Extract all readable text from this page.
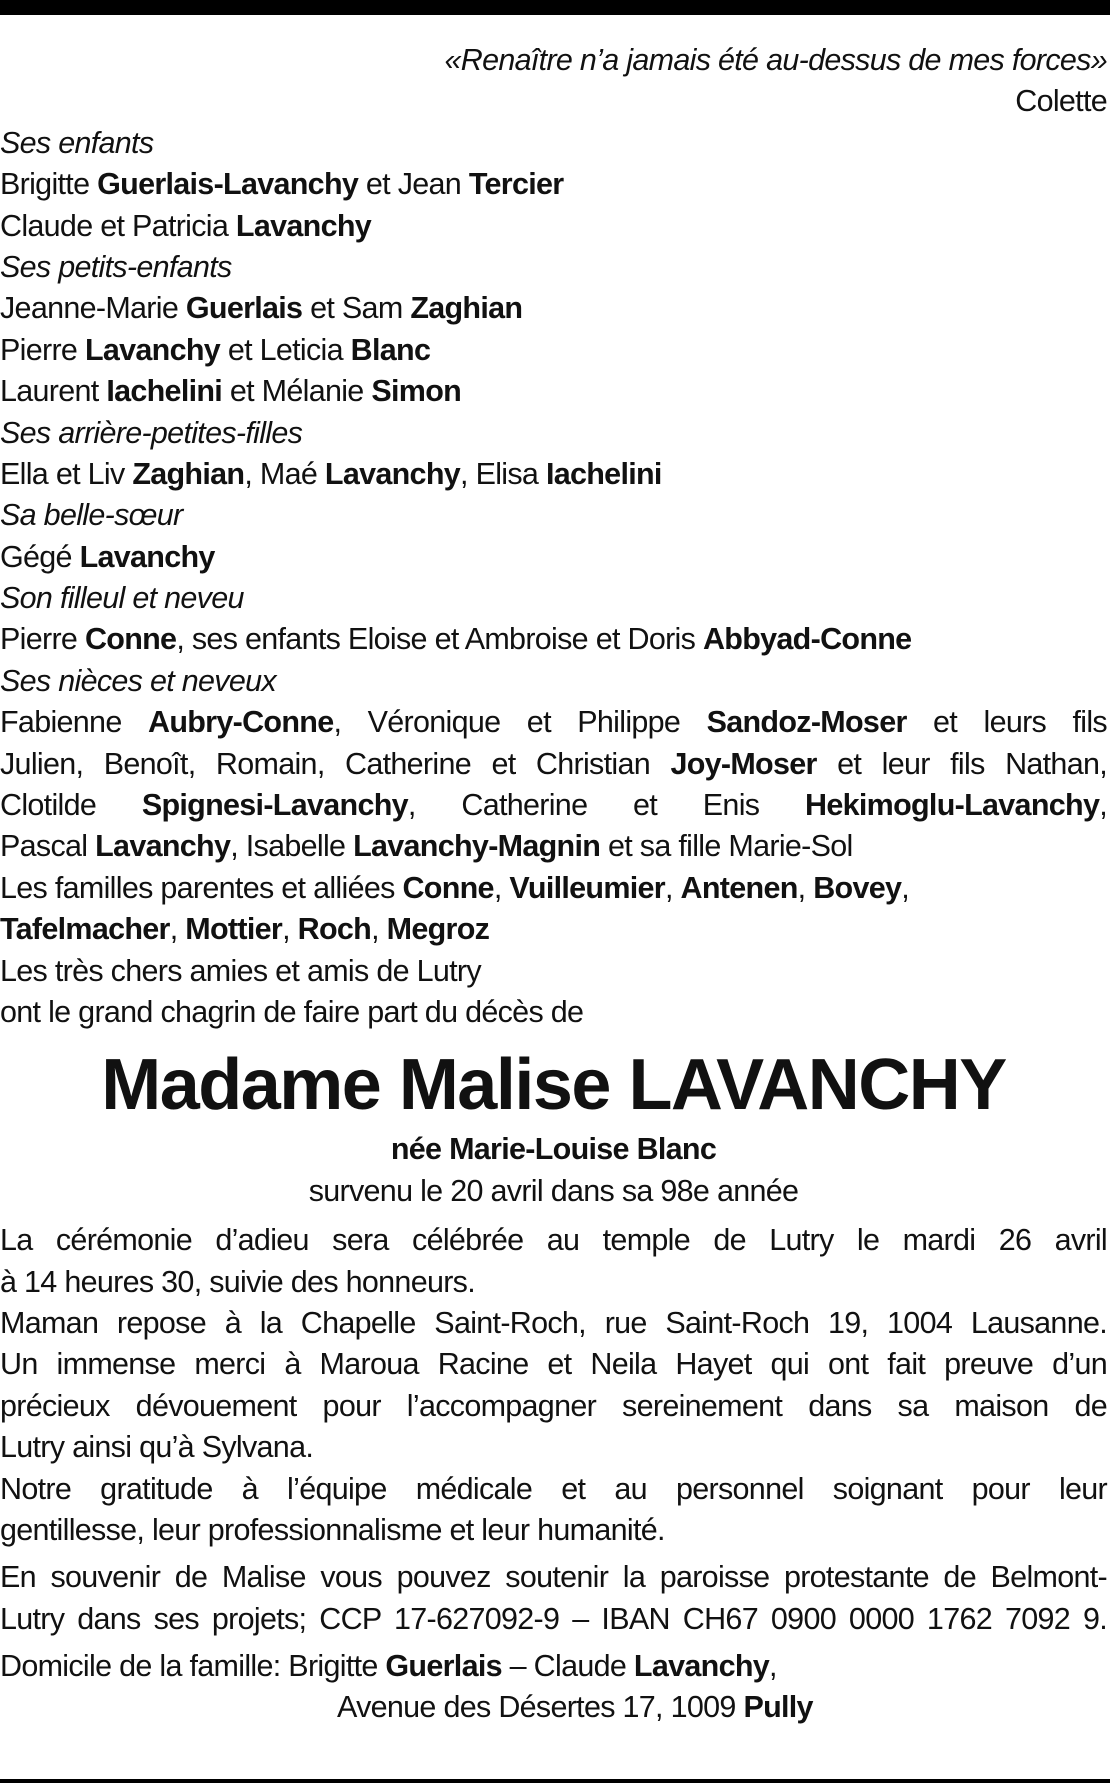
«Renaître n’a jamais été au-dessus de mes forces»
Colette
Ses enfants
Brigitte Guerlais-Lavanchy et Jean Tercier
Claude et Patricia Lavanchy
Ses petits-enfants
Jeanne-Marie Guerlais et Sam Zaghian
Pierre Lavanchy et Leticia Blanc
Laurent Iachelini et Mélanie Simon
Ses arrière-petites-filles
Ella et Liv Zaghian, Maé Lavanchy, Elisa Iachelini
Sa belle-sœur
Gégé Lavanchy
Son filleul et neveu
Pierre Conne, ses enfants Eloise et Ambroise et Doris Abbyad-Conne
Ses nièces et neveux
Fabienne Aubry-Conne, Véronique et Philippe Sandoz-Moser et leurs fils
Julien, Benoît, Romain, Catherine et Christian Joy-Moser et leur fils Nathan,
Clotilde Spignesi-Lavanchy, Catherine et Enis Hekimoglu-Lavanchy,
Pascal Lavanchy, Isabelle Lavanchy-Magnin et sa fille Marie-Sol
Les familles parentes et alliées Conne, Vuilleumier, Antenen, Bovey,
Tafelmacher, Mottier, Roch, Megroz
Les très chers amies et amis de Lutry
ont le grand chagrin de faire part du décès de
Madame Malise LAVANCHY
née Marie-Louise Blanc
survenu le 20 avril dans sa 98e année
La cérémonie d’adieu sera célébrée au temple de Lutry le mardi 26 avril
à 14 heures 30, suivie des honneurs.
Maman repose à la Chapelle Saint-Roch, rue Saint-Roch 19, 1004 Lausanne.
Un immense merci à Maroua Racine et Neila Hayet qui ont fait preuve d’un
précieux dévouement pour l’accompagner sereinement dans sa maison de
Lutry ainsi qu’à Sylvana.
Notre gratitude à l’équipe médicale et au personnel soignant pour leur
gentillesse, leur professionnalisme et leur humanité.
En souvenir de Malise vous pouvez soutenir la paroisse protestante de Belmont-
Lutry dans ses projets; CCP 17-627092-9 – IBAN CH67 0900 0000 1762 7092 9.
Domicile de la famille: Brigitte Guerlais – Claude Lavanchy,
Avenue des Désertes 17, 1009 Pully
